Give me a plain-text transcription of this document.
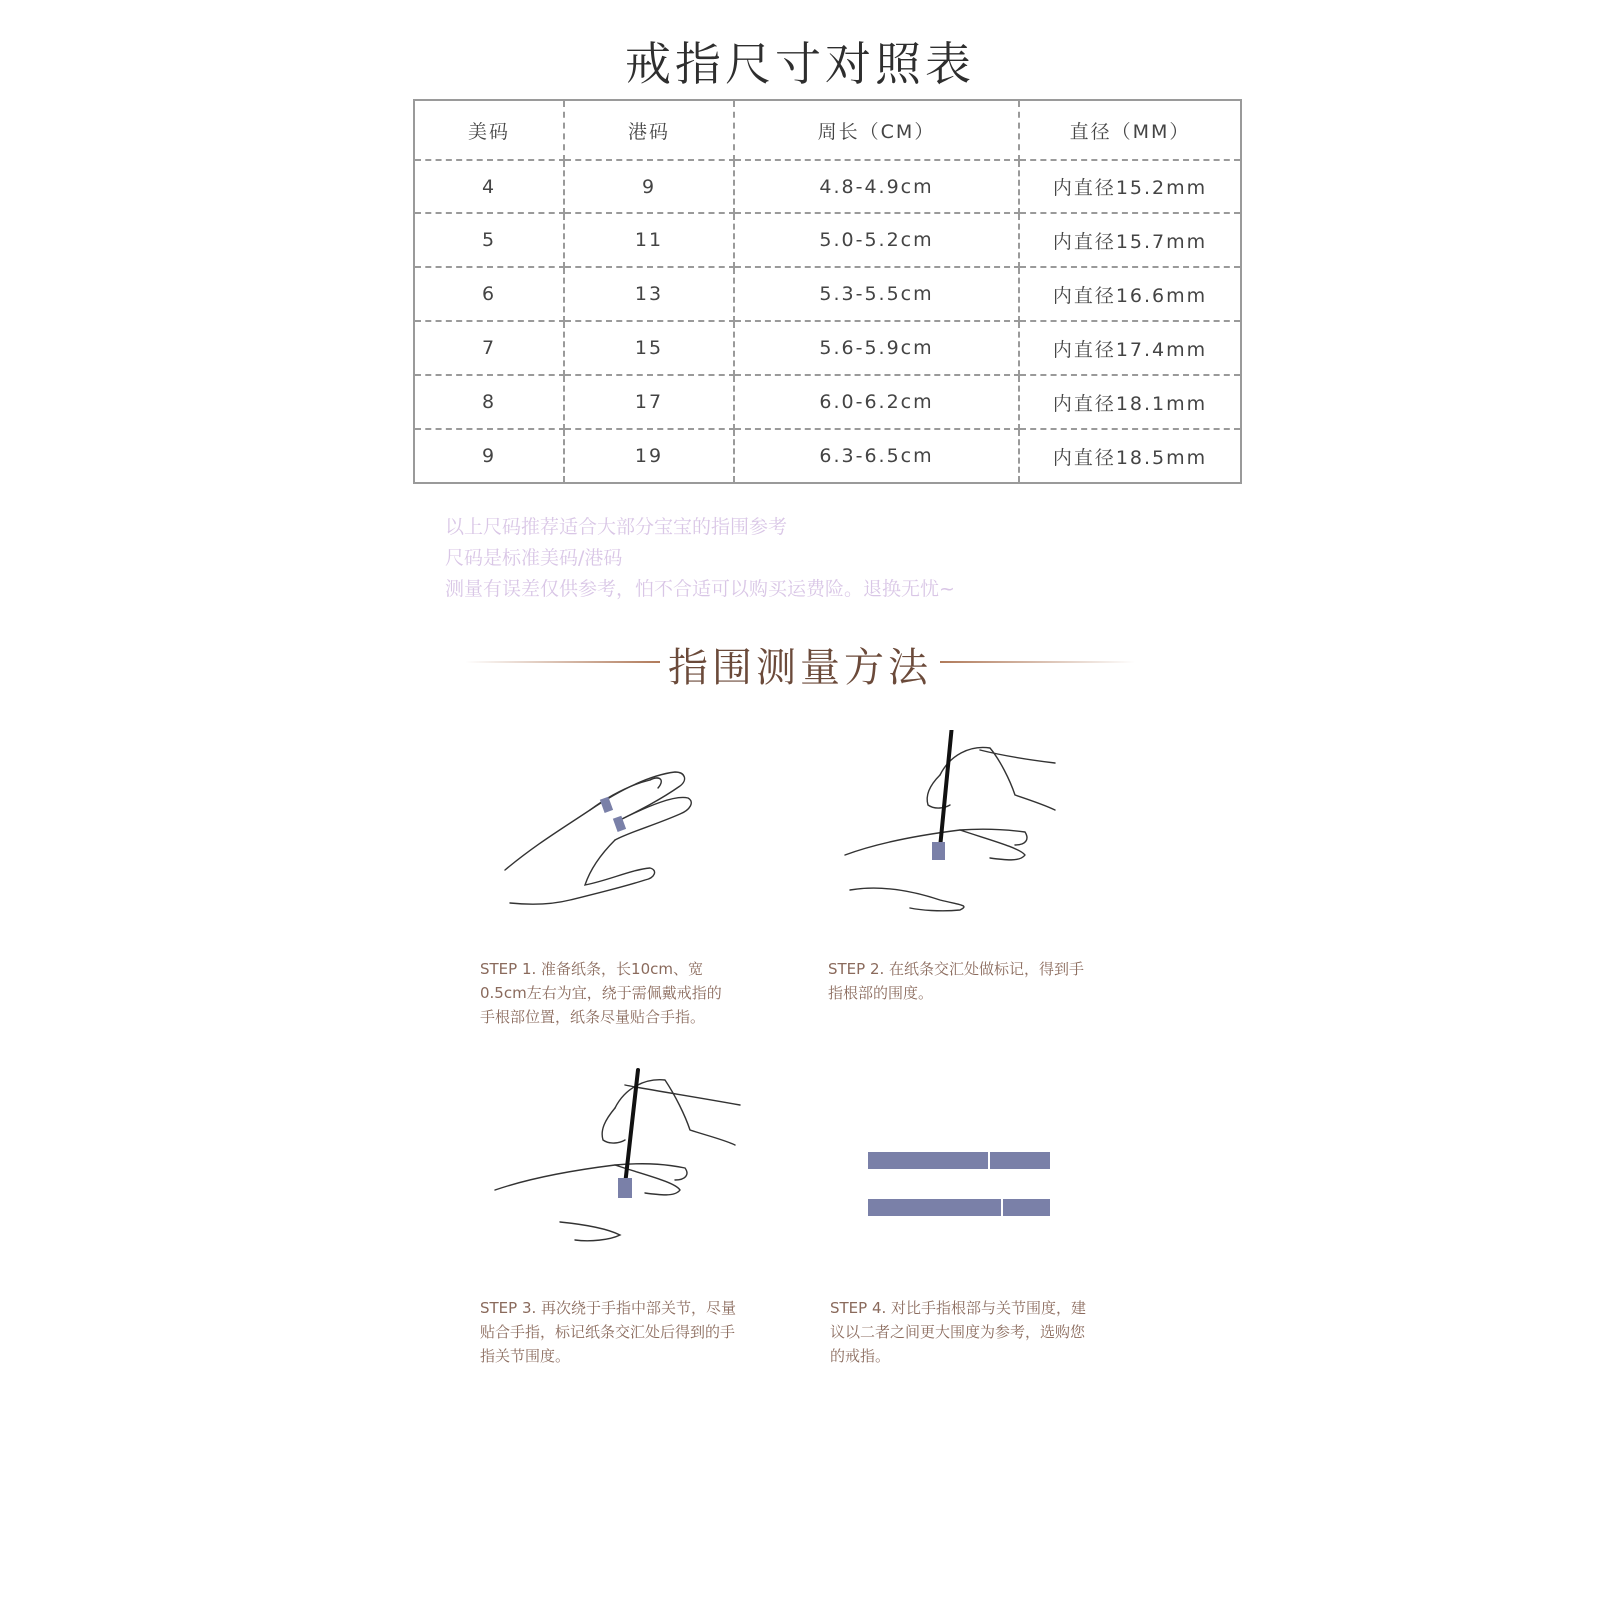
戒指尺寸对照表
美码	港码	周长（CM）	直径（MM）
4	9	4.8-4.9cm	内直径15.2mm
5	11	5.0-5.2cm	内直径15.7mm
6	13	5.3-5.5cm	内直径16.6mm
7	15	5.6-5.9cm	内直径17.4mm
8	17	6.0-6.2cm	内直径18.1mm
9	19	6.3-6.5cm	内直径18.5mm
以上尺码推荐适合大部分宝宝的指围参考
尺码是标准美码/港码
测量有误差仅供参考，怕不合适可以购买运费险。退换无忧~
指围测量方法
STEP 1. 准备纸条，长10cm、宽
0.5cm左右为宜，绕于需佩戴戒指的
手根部位置，纸条尽量贴合手指。
STEP 2. 在纸条交汇处做标记，得到手
指根部的围度。
STEP 3. 再次绕于手指中部关节，尽量
贴合手指，标记纸条交汇处后得到的手
指关节围度。
STEP 4. 对比手指根部与关节围度，建
议以二者之间更大围度为参考，选购您
的戒指。
